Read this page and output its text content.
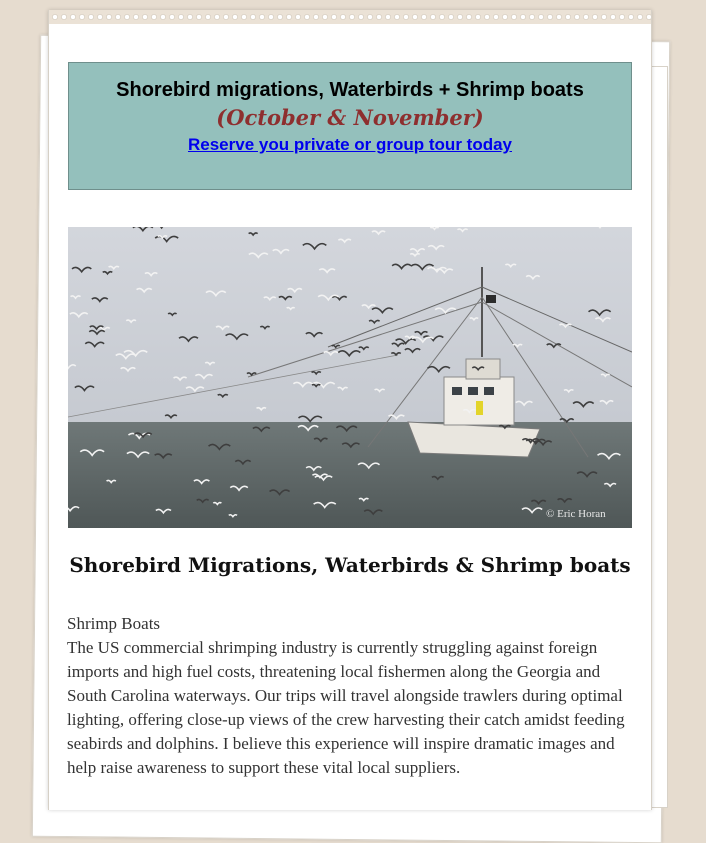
Shorebird migrations, Waterbirds + Shrimp boats
(October & November)
Reserve you private or group tour today
© Eric Horan
Shorebird Migrations, Waterbirds & Shrimp boats

Shrimp Boats

The US commercial shrimping industry is currently struggling against foreign imports and high fuel costs, threatening local fishermen along the Georgia and South Carolina waterways. Our trips will travel alongside trawlers during optimal lighting, offering close-up views of the crew harvesting their catch amidst feeding seabirds and dolphins. I believe this experience will inspire dramatic images and help raise awareness to support these vital local suppliers.
